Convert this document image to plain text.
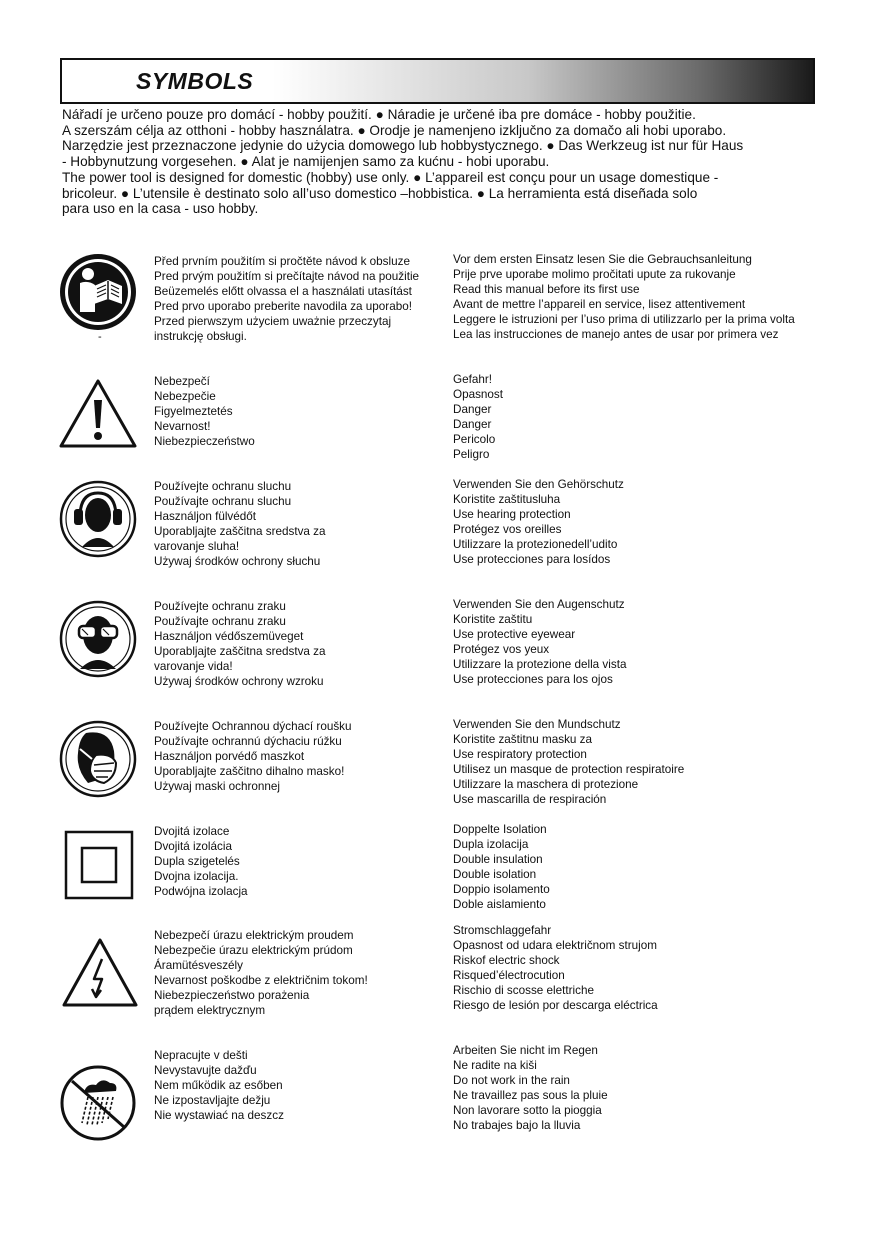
SYMBOLS
Nářadí je určeno pouze pro domácí - hobby použití. ● Náradie je určené iba pre domáce - hobby použitie.
A szerszám célja az otthoni - hobby használatra. ● Orodje je namenjeno izključno za domačo ali hobi uporabo.
Narzędzie jest przeznaczone jedynie do użycia domowego lub hobbystycznego. ● Das Werkzeug ist nur für Haus
- Hobbynutzung vorgesehen. ● Alat je namijenjen samo za kućnu - hobi uporabu.
The power tool is designed for domestic (hobby) use only. ● L’appareil est conçu pour un usage domestique -
bricoleur. ● L’utensile è destinato solo all’uso domestico –hobbistica. ● La herramienta está diseñada solo
para uso en la casa - uso hobby.
-
Před prvním použitím si pročtěte návod k obsluze
Pred prvým použitím si prečítajte návod na použitie
Beüzemelés előtt olvassa el a használati utasítást
Pred prvo uporabo preberite navodila za uporabo!
Przed pierwszym użyciem uważnie przeczytaj
instrukcję obsługi.
Vor dem ersten Einsatz lesen Sie die Gebrauchsanleitung
Prije prve uporabe molimo pročitati upute za rukovanje
Read this manual before its first use
Avant de mettre l’appareil en service, lisez attentivement
Leggere le istruzioni per l’uso prima di utilizzarlo per la prima volta
Lea las instrucciones de manejo antes de usar por primera vez
Nebezpečí
Nebezpečie
Figyelmeztetés
Nevarnost!
Niebezpieczeństwo
Gefahr!
Opasnost
Danger
Danger
Pericolo
Peligro
Používejte ochranu sluchu
Používajte ochranu sluchu
Használjon fülvédőt
Uporabljajte zaščitna sredstva za
varovanje sluha!
Używaj środków ochrony słuchu
Verwenden Sie den Gehörschutz
Koristite zaštitusluha
Use hearing protection
Protégez vos oreilles
Utilizzare la protezionedell’udito
Use protecciones para losídos
Používejte ochranu zraku
Používajte ochranu zraku
Használjon védőszemüveget
Uporabljajte zaščitna sredstva za
varovanje vida!
Używaj środków ochrony wzroku
Verwenden Sie den Augenschutz
Koristite zaštitu
Use protective eyewear
Protégez vos yeux
Utilizzare la protezione della vista
Use protecciones para los ojos
Používejte Ochrannou dýchací roušku
Používajte ochrannú dýchaciu rúžku
Használjon porvédő maszkot
Uporabljajte zaščitno dihalno masko!
Używaj maski ochronnej
Verwenden Sie den Mundschutz
Koristite zaštitnu masku za
Use respiratory protection
Utilisez un masque de protection respiratoire
Utilizzare la maschera di protezione
Use mascarilla de respiración
Dvojitá izolace
Dvojitá izolácia
Dupla szigetelés
Dvojna izolacija.
Podwójna izolacja
Doppelte Isolation
Dupla izolacija
Double insulation
Double isolation
Doppio isolamento
Doble aislamiento
Nebezpečí úrazu elektrickým proudem
Nebezpečie úrazu elektrickým prúdom
Áramütésveszély
Nevarnost poškodbe z električnim tokom!
Niebezpieczeństwo porażenia
prądem elektrycznym
Stromschlaggefahr
Opasnost od udara električnom strujom
Riskof electric shock
Risqued’électrocution
Rischio di scosse elettriche
Riesgo de lesión por descarga eléctrica
Nepracujte v dešti
Nevystavujte dažďu
Nem működik az esőben
Ne izpostavljajte dežju
Nie wystawiać na deszcz
Arbeiten Sie nicht im Regen
Ne radite na kiši
Do not work in the rain
Ne travaillez pas sous la pluie
Non lavorare sotto la pioggia
No trabajes bajo la lluvia
